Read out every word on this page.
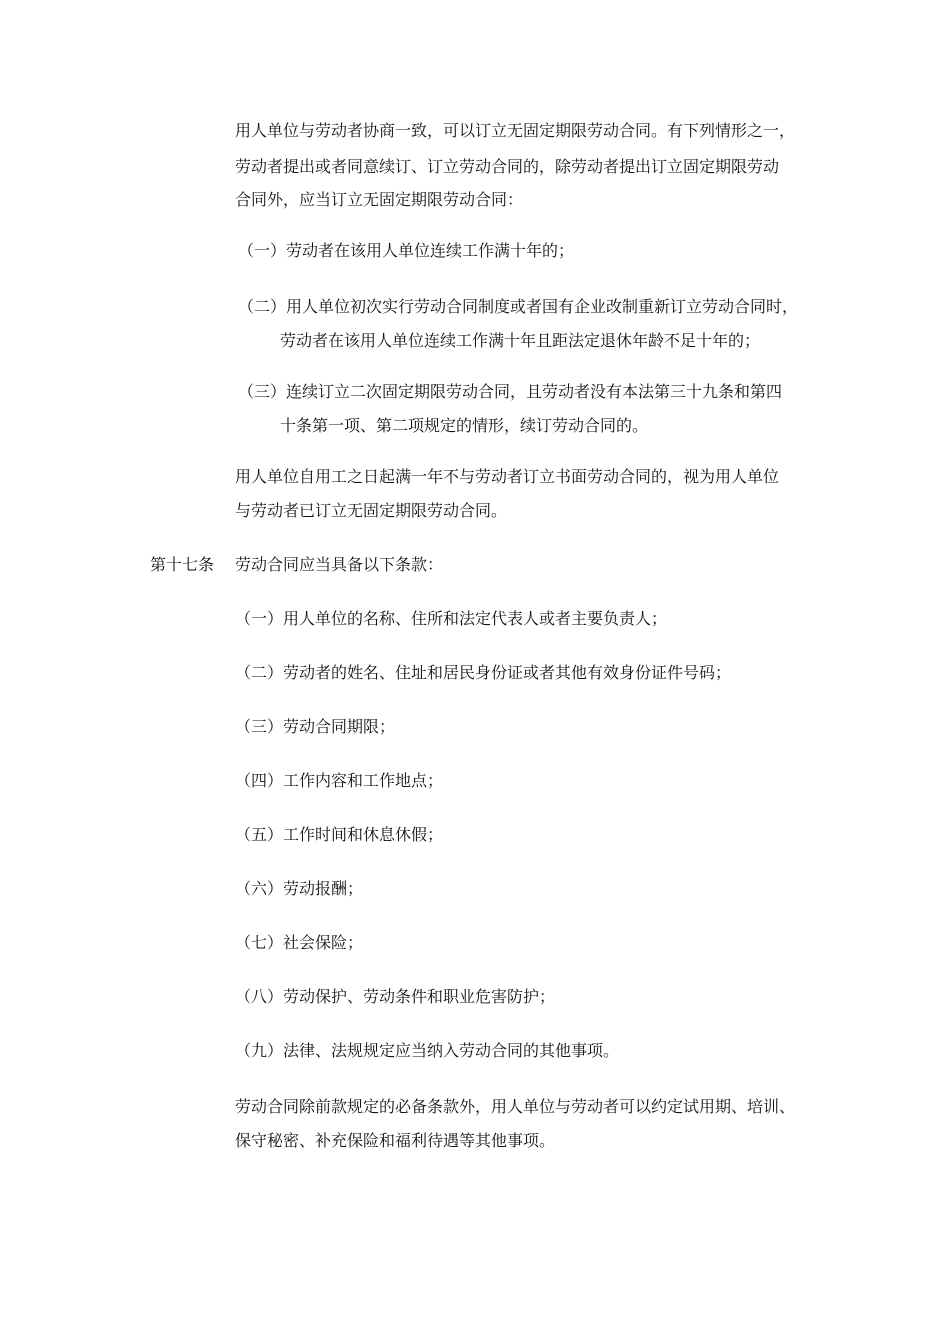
用人单位与劳动者协商一致，可以订立无固定期限劳动合同。有下列情形之一，
劳动者提出或者同意续订、订立劳动合同的，除劳动者提出订立固定期限劳动
合同外，应当订立无固定期限劳动合同：
（一）劳动者在该用人单位连续工作满十年的；
（二）用人单位初次实行劳动合同制度或者国有企业改制重新订立劳动合同时，
劳动者在该用人单位连续工作满十年且距法定退休年龄不足十年的；
（三）连续订立二次固定期限劳动合同，且劳动者没有本法第三十九条和第四
十条第一项、第二项规定的情形，续订劳动合同的。
用人单位自用工之日起满一年不与劳动者订立书面劳动合同的，视为用人单位
与劳动者已订立无固定期限劳动合同。
第十七条 劳动合同应当具备以下条款：
（一）用人单位的名称、住所和法定代表人或者主要负责人；
（二）劳动者的姓名、住址和居民身份证或者其他有效身份证件号码；
（三）劳动合同期限；
（四）工作内容和工作地点；
（五）工作时间和休息休假；
（六）劳动报酬；
（七）社会保险；
（八）劳动保护、劳动条件和职业危害防护；
（九）法律、法规规定应当纳入劳动合同的其他事项。
劳动合同除前款规定的必备条款外，用人单位与劳动者可以约定试用期、培训、
保守秘密、补充保险和福利待遇等其他事项。
